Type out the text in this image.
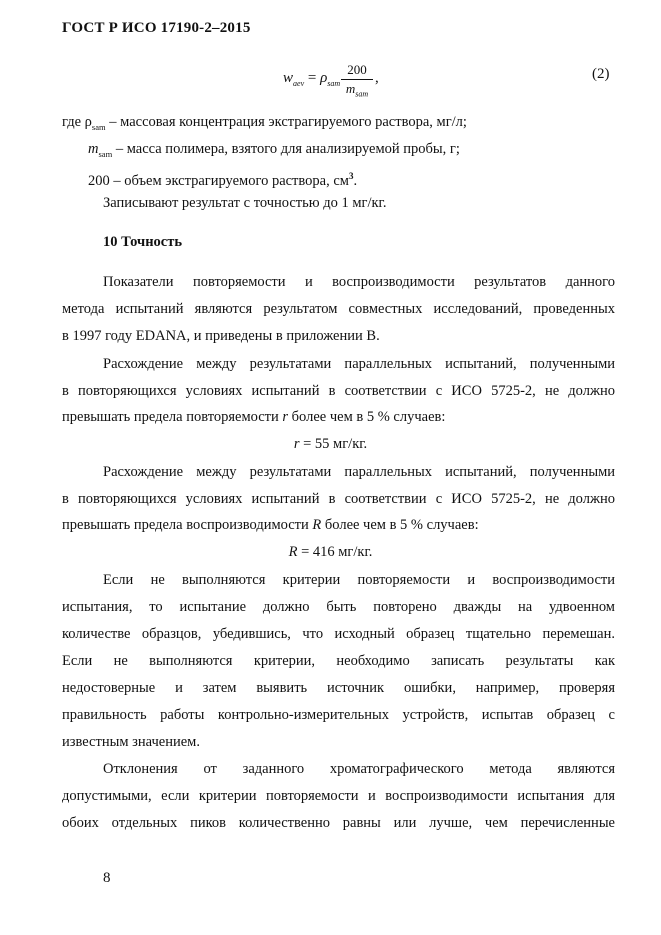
ГОСТ Р ИСО 17190-2–2015
$w_{aev} = \rho_{sam}$
200
$m_{sam}$
,	(2)
где $\rho_{sam}$ – массовая концентрация экстрагируемого раствора, мг/л;
$m_{sam}$ – масса полимера, взятого для анализируемой пробы, г;
200 – объем экстрагируемого раствора, $см^3$.
Записывают результат с точностью до 1 мг/кг.
10 Точность
Показатели повторяемости и воспроизводимости результатов данного
метода испытаний являются результатом совместных исследований, проведенных
в 1997 году EDANA, и приведены в приложении В.
Расхождение между результатами параллельных испытаний, полученными
в повторяющихся условиях испытаний в соответствии с ИСО 5725-2, не должно
превышать предела повторяемости r более чем в 5 % случаев:
r = 55 мг/кг.
Расхождение между результатами параллельных испытаний, полученными
в повторяющихся условиях испытаний в соответствии с ИСО 5725-2, не должно
превышать предела воспроизводимости R более чем в 5 % случаев:
R = 416 мг/кг.
Если не выполняются критерии повторяемости и воспроизводимости
испытания, то испытание должно быть повторено дважды на удвоенном
количестве образцов, убедившись, что исходный образец тщательно перемешан.
Если не выполняются критерии, необходимо записать результаты как
недостоверные и затем выявить источник ошибки, например, проверяя
правильность работы контрольно-измерительных устройств, испытав образец с
известным значением.
Отклонения от заданного хроматографического метода являются
допустимыми, если критерии повторяемости и воспроизводимости испытания для
обоих отдельных пиков количественно равны или лучше, чем перечисленные
8
